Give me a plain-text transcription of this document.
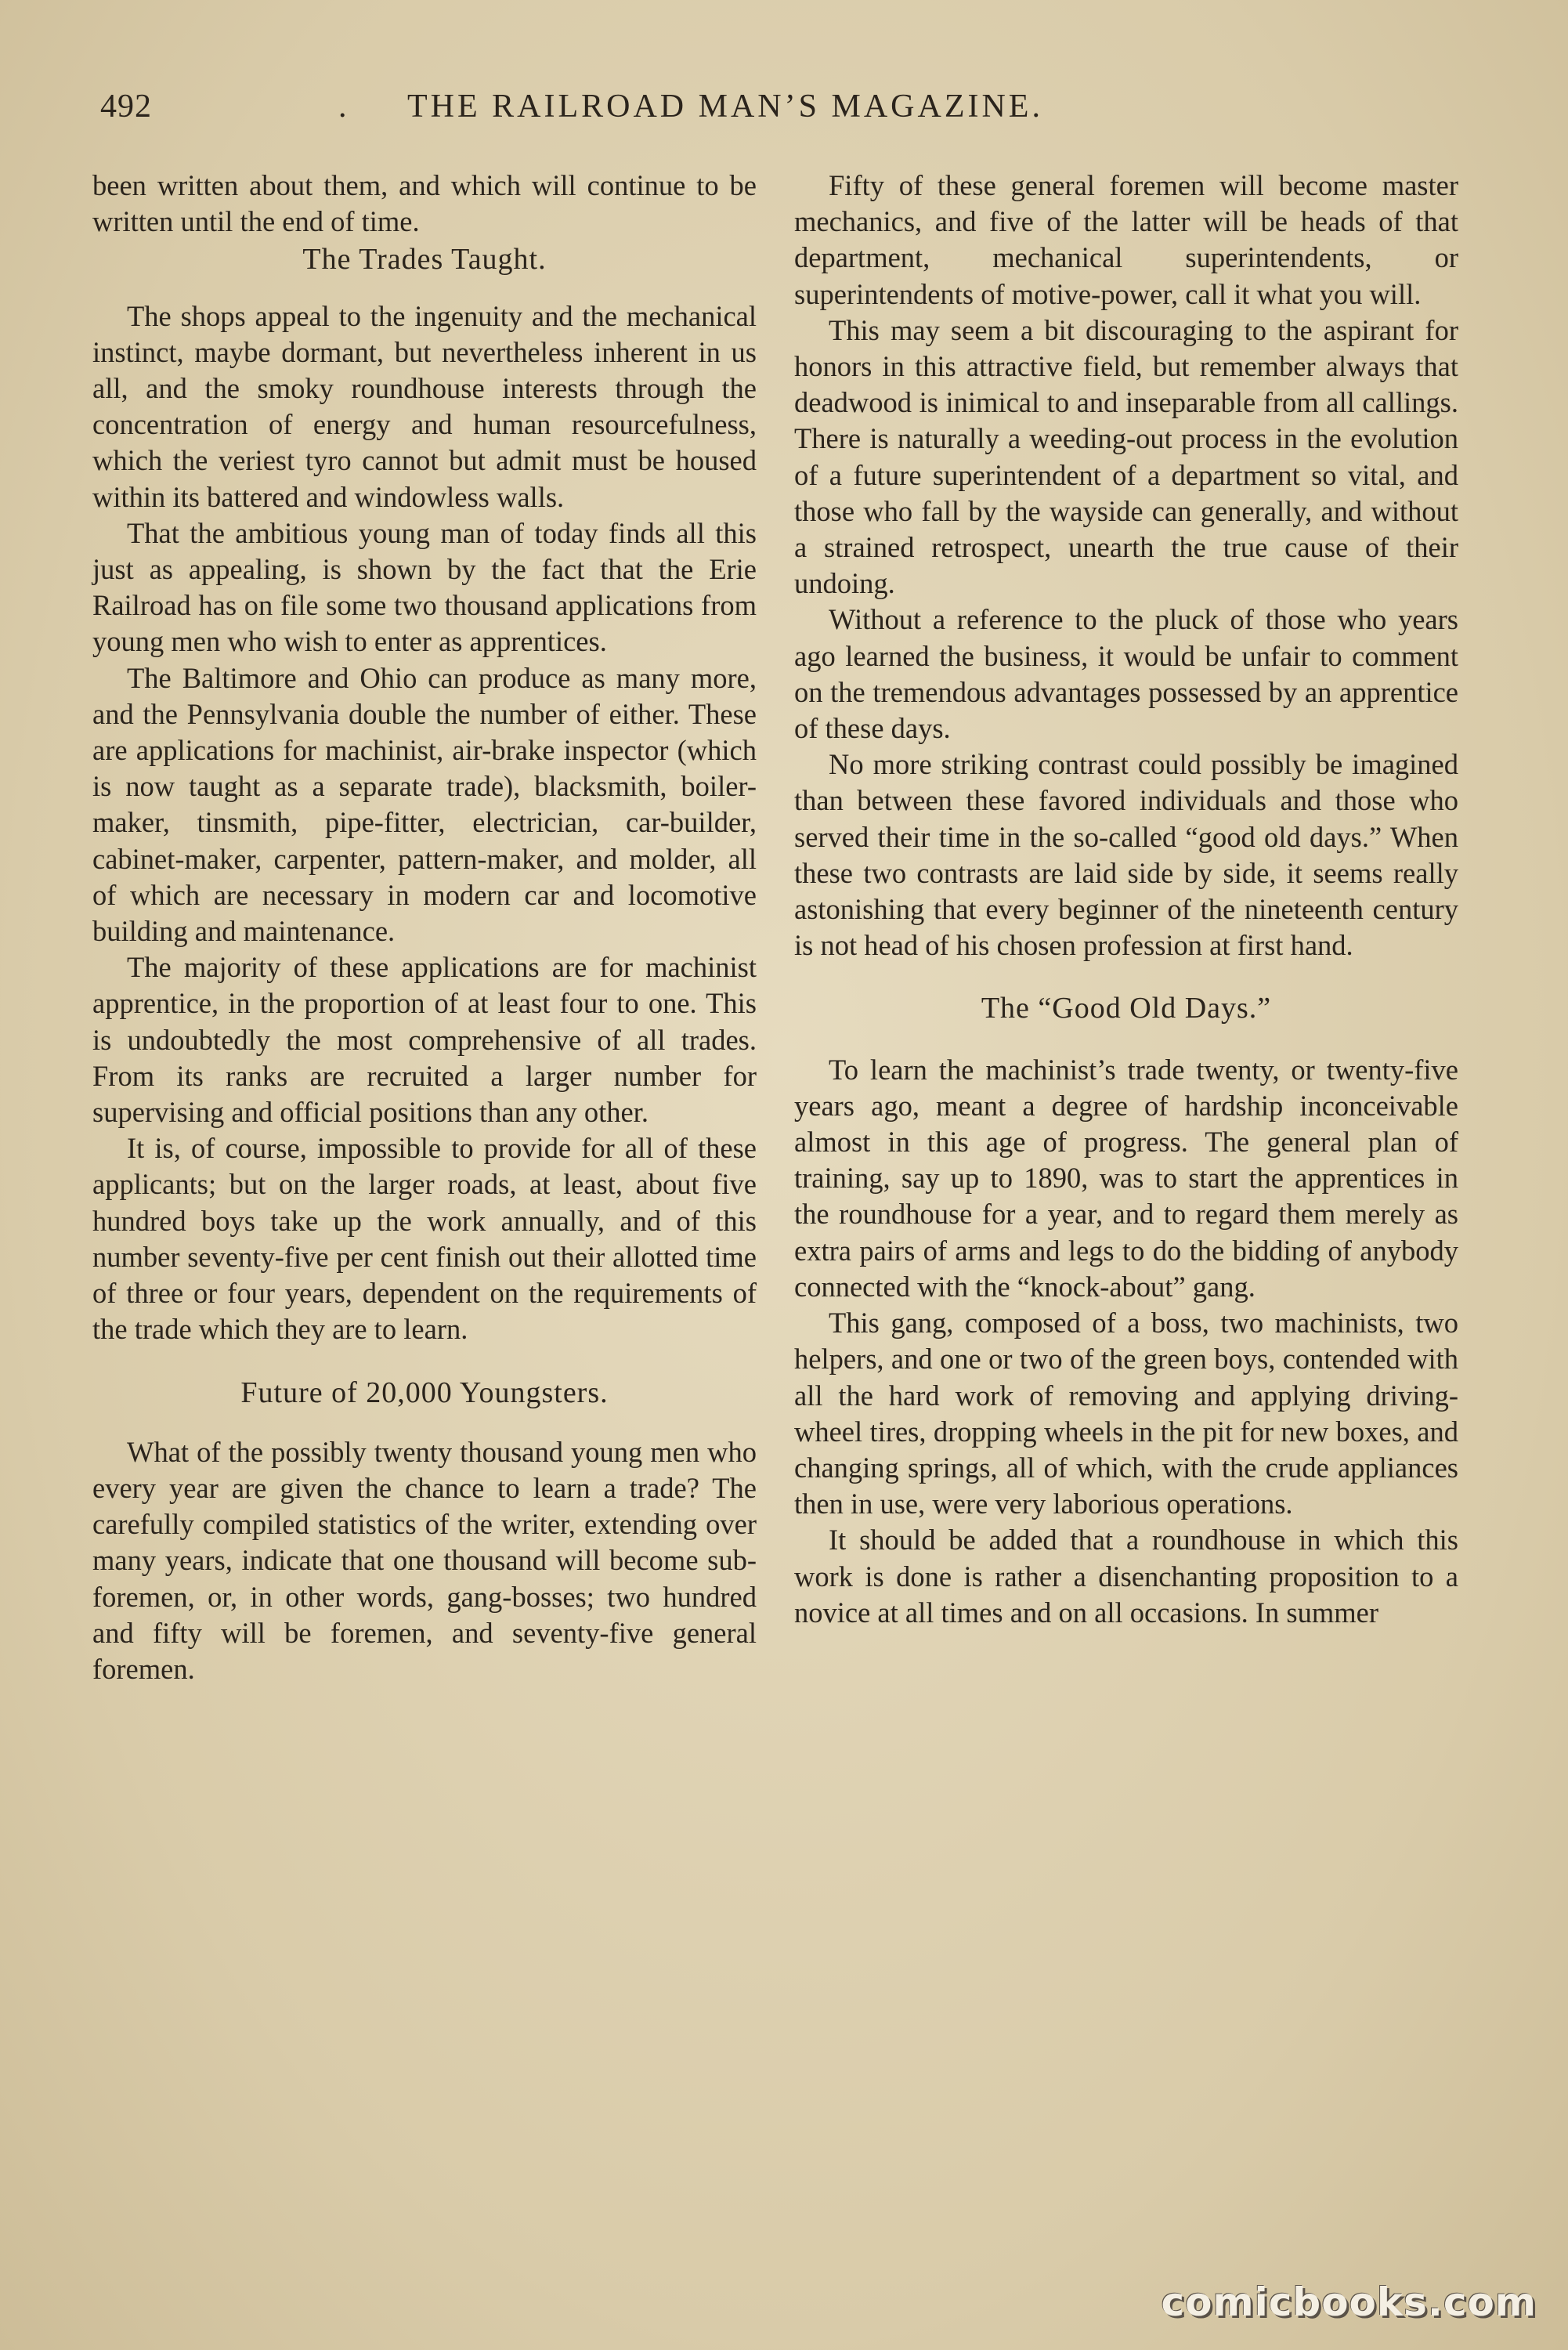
492	. THE RAILROAD MAN’S MAGAZINE.

been written about them, and which will continue to be written until the end of time.

The Trades Taught.

The shops appeal to the ingenuity and the mechanical instinct, maybe dormant, but nevertheless inherent in us all, and the smoky roundhouse interests through the concentration of energy and human resourcefulness, which the veriest tyro cannot but admit must be housed within its battered and windowless walls.

That the ambitious young man of today finds all this just as appealing, is shown by the fact that the Erie Railroad has on file some two thousand applications from young men who wish to enter as apprentices.

The Baltimore and Ohio can produce as many more, and the Pennsylvania double the number of either. These are applications for machinist, air-brake inspector (which is now taught as a separate trade), blacksmith, boiler-maker, tinsmith, pipe-fitter, electrician, car-builder, cabinet-maker, carpenter, pattern-maker, and molder, all of which are necessary in modern car and locomotive building and maintenance.

The majority of these applications are for machinist apprentice, in the proportion of at least four to one. This is undoubtedly the most comprehensive of all trades. From its ranks are recruited a larger number for supervising and official positions than any other.

It is, of course, impossible to provide for all of these applicants; but on the larger roads, at least, about five hundred boys take up the work annually, and of this number seventy-five per cent finish out their allotted time of three or four years, dependent on the requirements of the trade which they are to learn.

Future of 20,000 Youngsters.

What of the possibly twenty thousand young men who every year are given the chance to learn a trade? The carefully compiled statistics of the writer, extending over many years, indicate that one thousand will become sub-foremen, or, in other words, gang-bosses; two hundred and fifty will be foremen, and seventy-five general foremen.

Fifty of these general foremen will become master mechanics, and five of the latter will be heads of that department, mechanical superintendents, or superintendents of motive-power, call it what you will.

This may seem a bit discouraging to the aspirant for honors in this attractive field, but remember always that deadwood is inimical to and inseparable from all callings. There is naturally a weeding-out process in the evolution of a future superintendent of a department so vital, and those who fall by the wayside can generally, and without a strained retrospect, unearth the true cause of their undoing.

Without a reference to the pluck of those who years ago learned the business, it would be unfair to comment on the tremendous advantages possessed by an apprentice of these days.

No more striking contrast could possibly be imagined than between these favored individuals and those who served their time in the so-called “good old days.” When these two contrasts are laid side by side, it seems really astonishing that every beginner of the nineteenth century is not head of his chosen profession at first hand.

The “Good Old Days.”

To learn the machinist’s trade twenty, or twenty-five years ago, meant a degree of hardship inconceivable almost in this age of progress. The general plan of training, say up to 1890, was to start the apprentices in the roundhouse for a year, and to regard them merely as extra pairs of arms and legs to do the bidding of anybody connected with the “knock-about” gang.

This gang, composed of a boss, two machinists, two helpers, and one or two of the green boys, contended with all the hard work of removing and applying driving-wheel tires, dropping wheels in the pit for new boxes, and changing springs, all of which, with the crude appliances then in use, were very laborious operations.

It should be added that a roundhouse in which this work is done is rather a disenchanting proposition to a novice at all times and on all occasions. In summer

comicbooks.com
